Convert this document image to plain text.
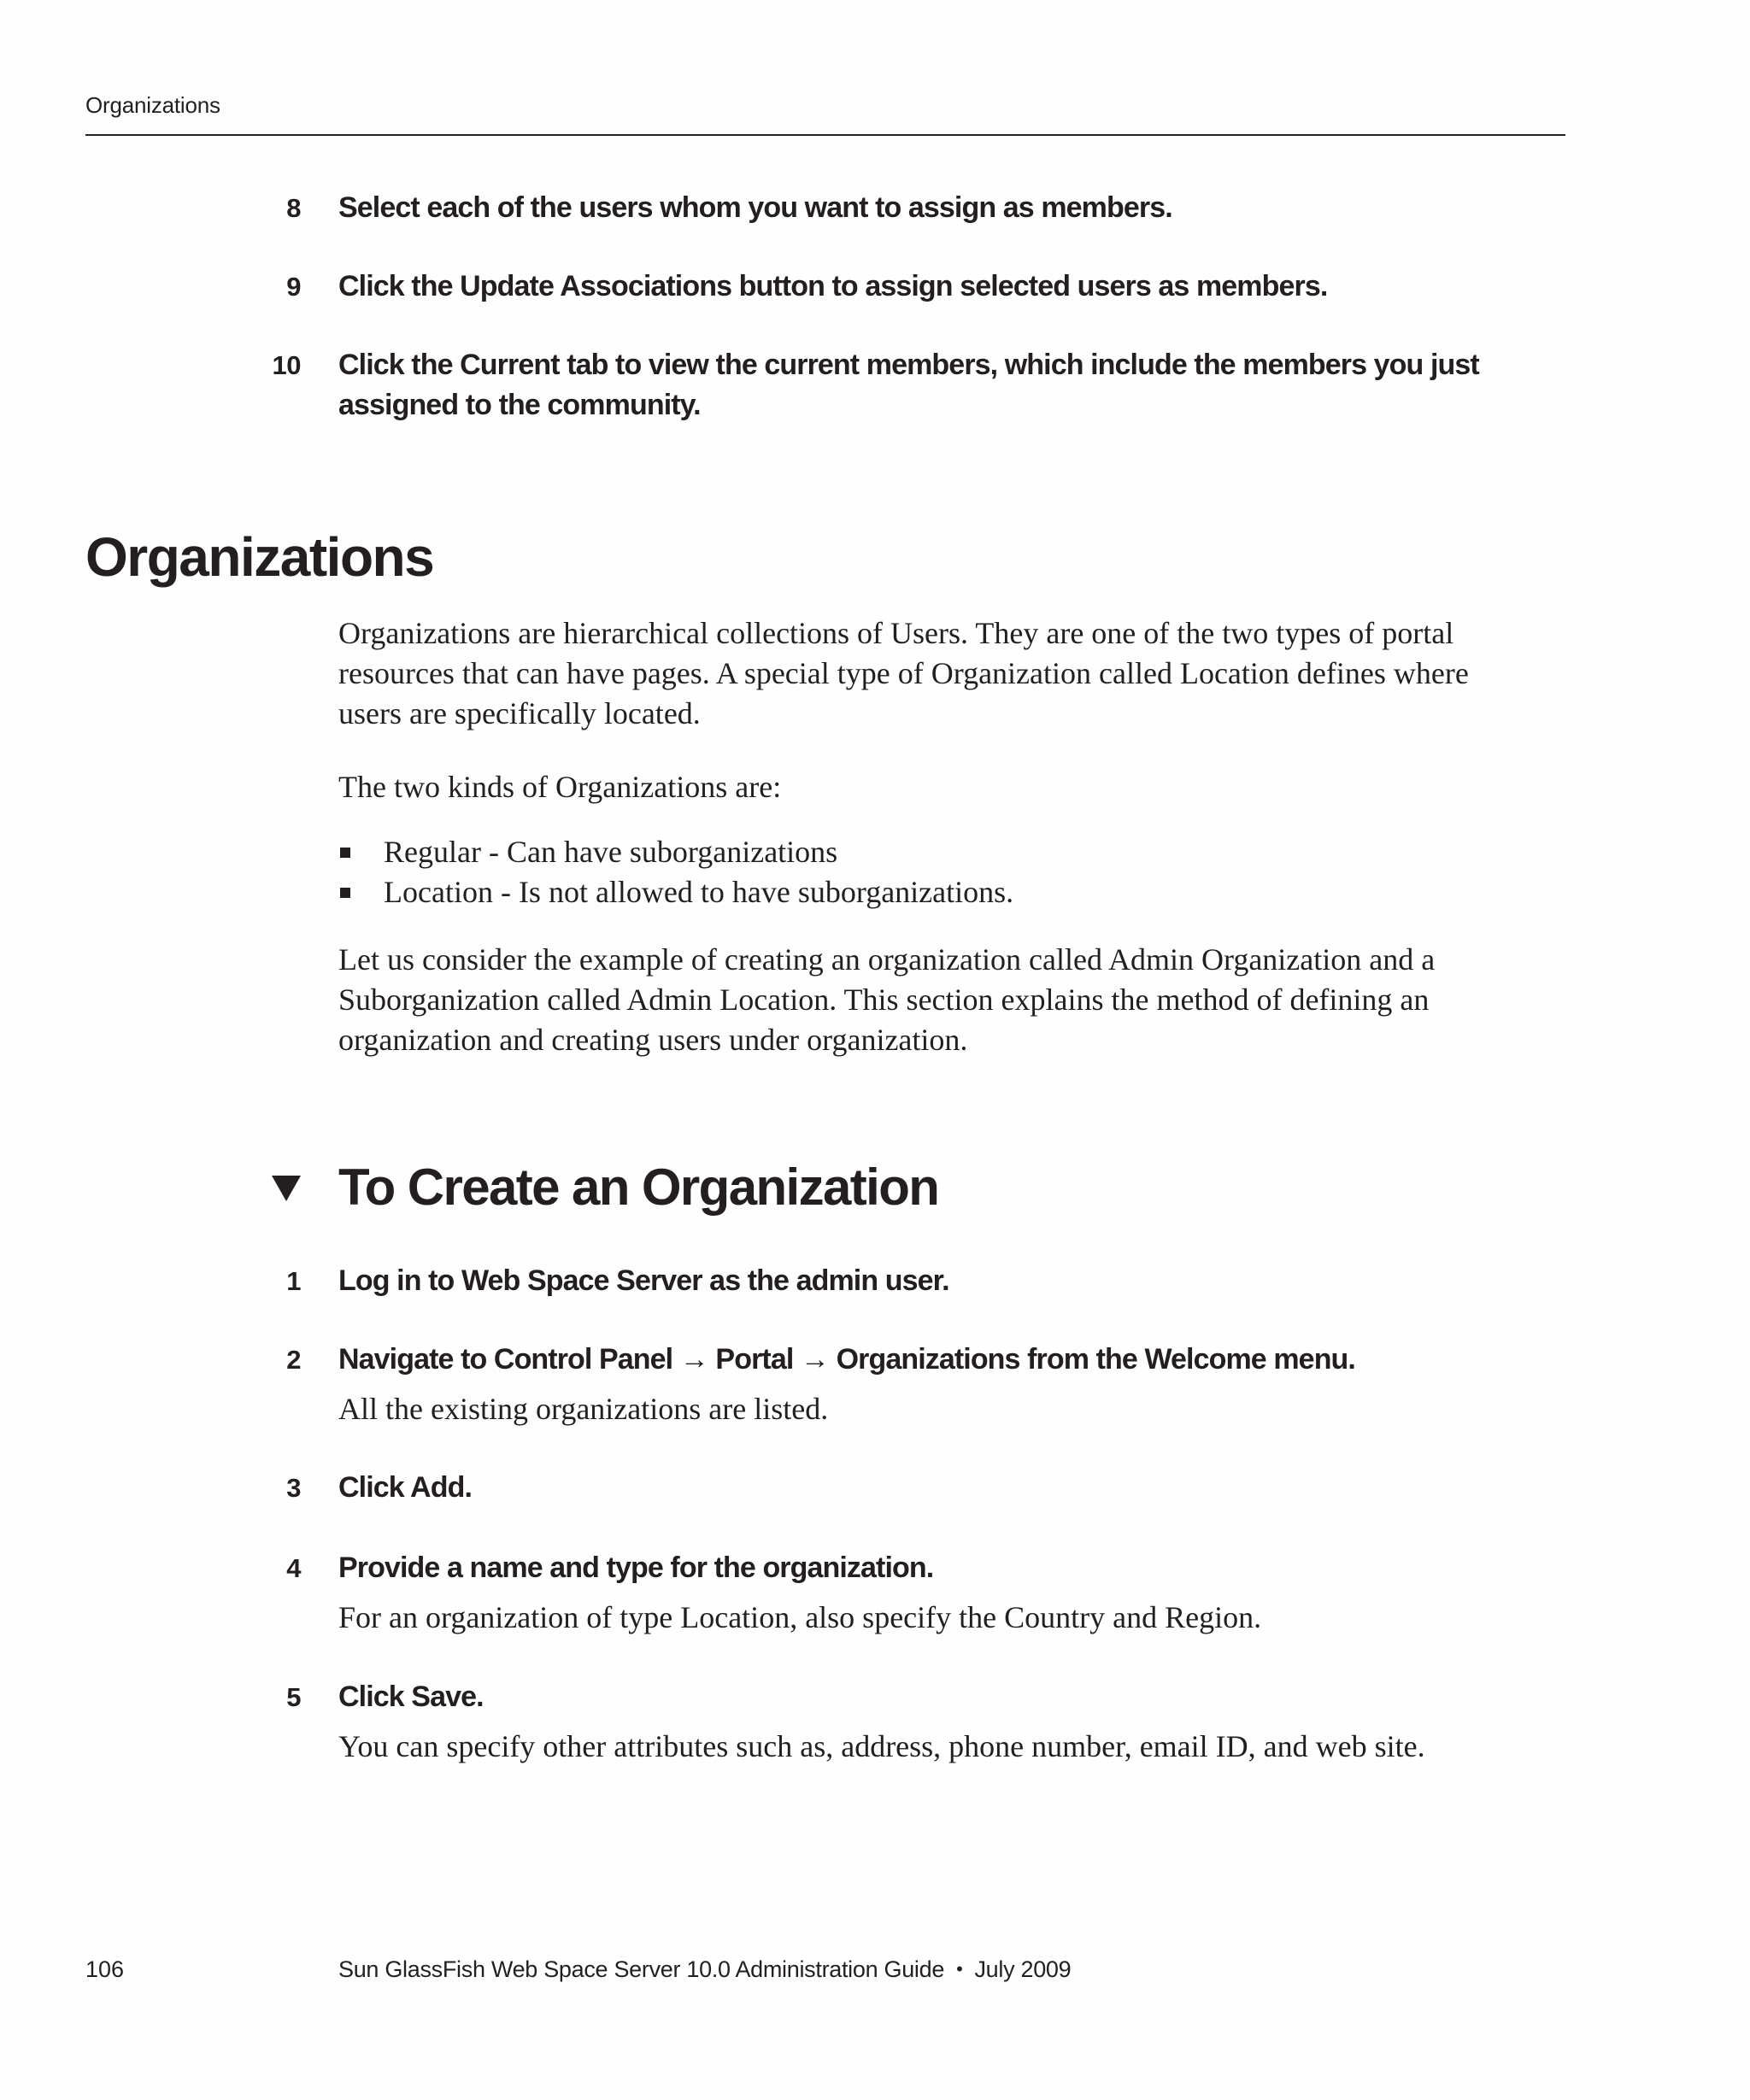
Organizations
8 Select each of the users whom you want to assign as members.
9 Click the Update Associations button to assign selected users as members.
10 Click the Current tab to view the current members, which include the members you just assigned to the community.
Organizations

Organizations are hierarchical collections of Users. They are one of the two types of portal resources that can have pages. A special type of Organization called Location defines where users are specifically located.

The two kinds of Organizations are:

Regular - Can have suborganizations
Location - Is not allowed to have suborganizations.

Let us consider the example of creating an organization called Admin Organization and a Suborganization called Admin Location. This section explains the method of defining an organization and creating users under organization.

To Create an Organization
1 Log in to Web Space Server as the admin user.
2 Navigate to Control Panel → Portal → Organizations from the Welcome menu.
All the existing organizations are listed.
3 Click Add.
4 Provide a name and type for the organization.
For an organization of type Location, also specify the Country and Region.
5 Click Save.
You can specify other attributes such as, address, phone number, email ID, and web site.
106	Sun GlassFish Web Space Server 10.0 Administration Guide • July 2009
